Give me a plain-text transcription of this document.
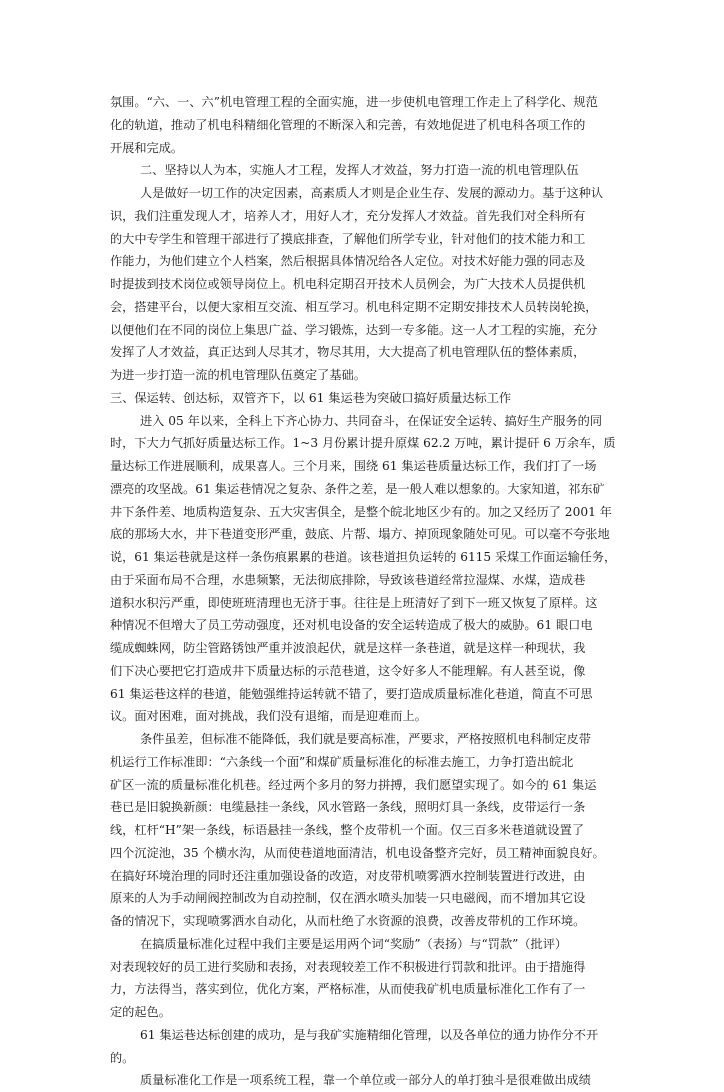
氛围。“六、一、六”机电管理工程的全面实施，进一步使机电管理工作走上了科学化、规范
化的轨道，推动了机电科精细化管理的不断深入和完善，有效地促进了机电科各项工作的
开展和完成。
二、坚持以人为本，实施人才工程，发挥人才效益，努力打造一流的机电管理队伍
人是做好一切工作的决定因素，高素质人才则是企业生存、发展的源动力。基于这种认
识，我们注重发现人才，培养人才，用好人才，充分发挥人才效益。首先我们对全科所有
的大中专学生和管理干部进行了摸底排查，了解他们所学专业，针对他们的技术能力和工
作能力，为他们建立个人档案，然后根据具体情况给各人定位。对技术好能力强的同志及
时提拔到技术岗位或领导岗位上。机电科定期召开技术人员例会，为广大技术人员提供机
会，搭建平台，以便大家相互交流、相互学习。机电科定期不定期安排技术人员转岗轮换，
以便他们在不同的岗位上集思广益、学习锻炼，达到一专多能。这一人才工程的实施，充分
发挥了人才效益，真正达到人尽其才，物尽其用，大大提高了机电管理队伍的整体素质，
为进一步打造一流的机电管理队伍奠定了基础。
三、保运转、创达标，双管齐下，以 61 集运巷为突破口搞好质量达标工作
进入 05 年以来，全科上下齐心协力、共同奋斗，在保证安全运转、搞好生产服务的同
时，下大力气抓好质量达标工作。1~3 月份累计提升原煤 62.2 万吨，累计提矸 6 万余车，质
量达标工作进展顺利，成果喜人。三个月来，围绕 61 集运巷质量达标工作，我们打了一场
漂亮的攻坚战。61 集运巷情况之复杂、条件之差，是一般人难以想象的。大家知道，祁东矿
井下条件差、地质构造复杂、五大灾害俱全，是整个皖北地区少有的。加之又经历了 2001 年
底的那场大水，井下巷道变形严重，鼓底、片帮、塌方、掉顶现象随处可见。可以毫不夸张地
说，61 集运巷就是这样一条伤痕累累的巷道。该巷道担负运转的 6115 采煤工作面运输任务，
由于采面布局不合理，水患频繁，无法彻底排除，导致该巷道经常拉湿煤、水煤，造成巷
道积水积污严重，即使班班清理也无济于事。往往是上班清好了到下一班又恢复了原样。这
种情况不但增大了员工劳动强度，还对机电设备的安全运转造成了极大的威胁。61 眼口电
缆成蜘蛛网，防尘管路锈蚀严重并波浪起伏，就是这样一条巷道，就是这样一种现状，我
们下决心要把它打造成井下质量达标的示范巷道，这令好多人不能理解。有人甚至说，像
61 集运巷这样的巷道，能勉强维持运转就不错了，要打造成质量标准化巷道，简直不可思
议。面对困难，面对挑战，我们没有退缩，而是迎难而上。
条件虽差，但标准不能降低，我们就是要高标准，严要求，严格按照机电科制定皮带
机运行工作标准即：“六条线一个面”和煤矿质量标准化的标准去施工，力争打造出皖北
矿区一流的质量标准化机巷。经过两个多月的努力拼搏，我们愿望实现了。如今的 61 集运
巷已是旧貌换新颜：电缆悬挂一条线，风水管路一条线，照明灯具一条线，皮带运行一条
线，杠杆“H”架一条线，标语悬挂一条线，整个皮带机一个面。仅三百多米巷道就设置了
四个沉淀池，35 个横水沟，从而使巷道地面清洁，机电设备整齐完好，员工精神面貌良好。
在搞好环境治理的同时还注重加强设备的改造，对皮带机喷雾洒水控制装置进行改进，由
原来的人为手动闸阀控制改为自动控制，仅在洒水喷头加装一只电磁阀，而不增加其它设
备的情况下，实现喷雾洒水自动化，从而杜绝了水资源的浪费，改善皮带机的工作环境。
在搞质量标准化过程中我们主要是运用两个词“奖励”（表扬）与“罚款”（批评）
对表现较好的员工进行奖励和表扬，对表现较差工作不积极进行罚款和批评。由于措施得
力，方法得当，落实到位，优化方案，严格标准，从而使我矿机电质量标准化工作有了一
定的起色。
61 集运巷达标创建的成功，是与我矿实施精细化管理，以及各单位的通力协作分不开
的。
质量标准化工作是一项系统工程，靠一个单位或一部分人的单打独斗是很难做出成绩
